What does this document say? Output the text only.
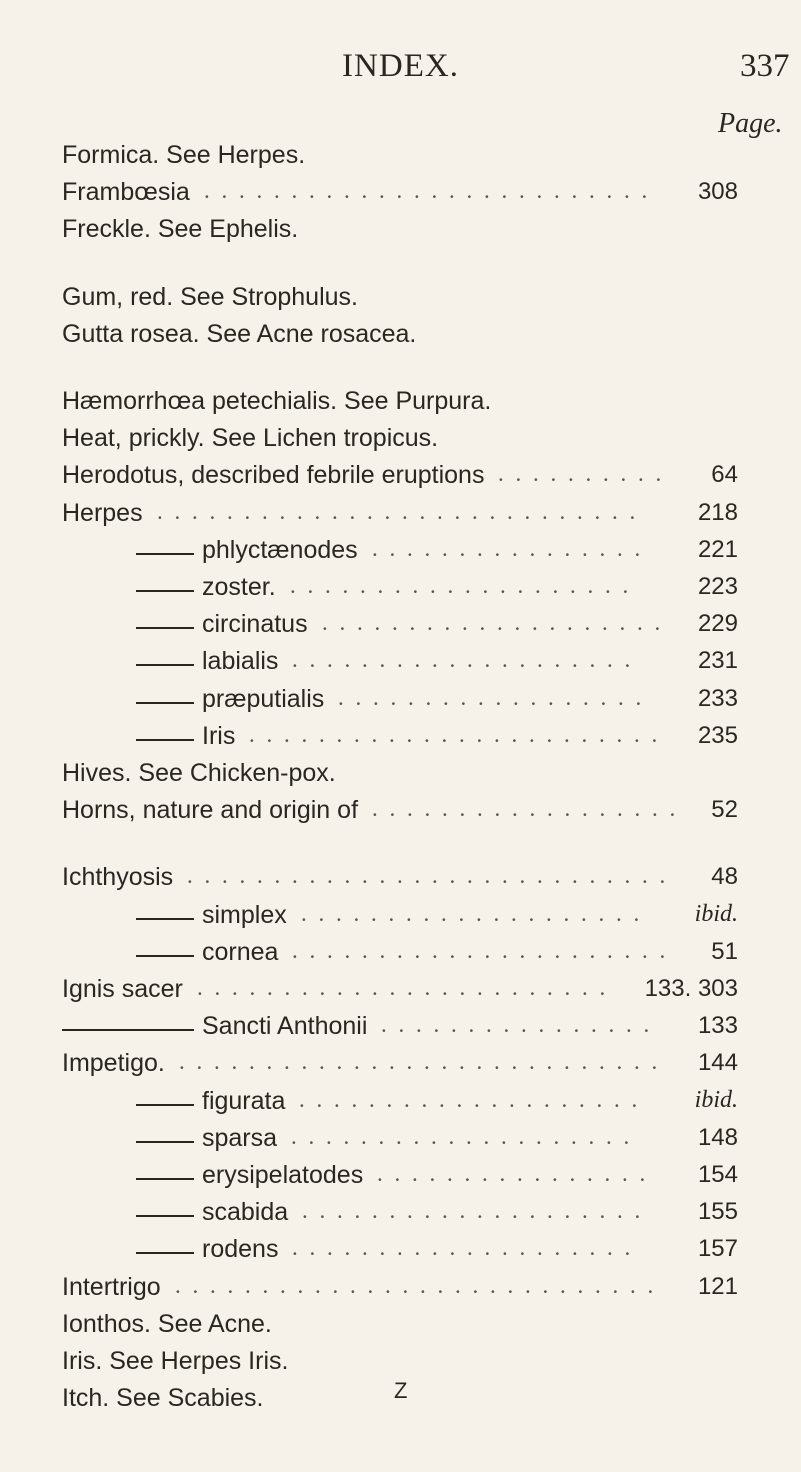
INDEX.	337
Page.
Formica. See Herpes.
Frambœsia . . . . . . . . . . . . . . . . . . . . . . . . . .	308
Freckle. See Ephelis.
Gum, red. See Strophulus.
Gutta rosea. See Acne rosacea.
Hæmorrhœa petechialis. See Purpura.
Heat, prickly. See Lichen tropicus.
Herodotus, described febrile eruptions . . . . . . . . . .	64
Herpes . . . . . . . . . . . . . . . . . . . . . . . . . . . .	218
phlyctænodes . . . . . . . . . . . . . . . .	221
zoster. . . . . . . . . . . . . . . . . . . . .	223
circinatus . . . . . . . . . . . . . . . . . . . .	229
labialis . . . . . . . . . . . . . . . . . . . .	231
præputialis . . . . . . . . . . . . . . . . . .	233
Iris . . . . . . . . . . . . . . . . . . . . . . . .	235
Hives. See Chicken-pox.
Horns, nature and origin of . . . . . . . . . . . . . . . . . .	52
Ichthyosis . . . . . . . . . . . . . . . . . . . . . . . . . . . .	48
simplex . . . . . . . . . . . . . . . . . . . .	ibid.
cornea . . . . . . . . . . . . . . . . . . . . . .	51
Ignis sacer . . . . . . . . . . . . . . . . . . . . . . . .	133. 303
Sancti Anthonii . . . . . . . . . . . . . . . .	133
Impetigo. . . . . . . . . . . . . . . . . . . . . . . . . . . . .	144
figurata . . . . . . . . . . . . . . . . . . . .	ibid.
sparsa . . . . . . . . . . . . . . . . . . . .	148
erysipelatodes . . . . . . . . . . . . . . . .	154
scabida . . . . . . . . . . . . . . . . . . . .	155
rodens . . . . . . . . . . . . . . . . . . . .	157
Intertrigo . . . . . . . . . . . . . . . . . . . . . . . . . . . .	121
Ionthos. See Acne.
Iris. See Herpes Iris.
Itch. See Scabies.	Z
